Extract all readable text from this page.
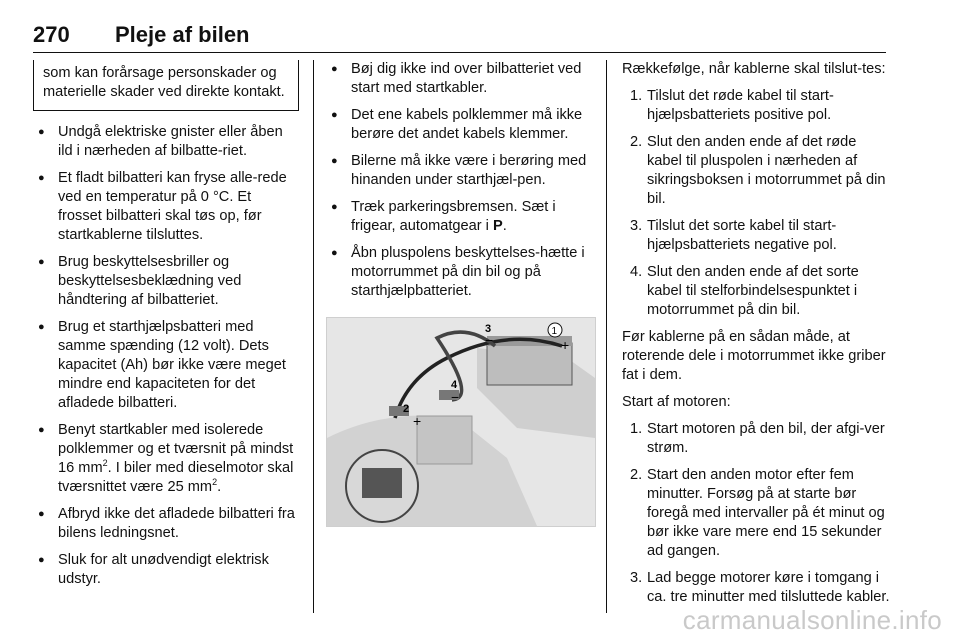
270 Pleje af bilen
som kan forårsage personskader og materielle skader ved direkte kontakt.
● Undgå elektriske gnister eller åben ild i nærheden af bilbatte-riet.
● Et fladt bilbatteri kan fryse alle-rede ved en temperatur på 0 °C. Et frosset bilbatteri skal tøs op, før startkablerne tilsluttes.
● Brug beskyttelsesbriller og beskyttelsesbeklædning ved håndtering af bilbatteriet.
● Brug et starthjælpsbatteri med samme spænding (12 volt). Dets kapacitet (Ah) bør ikke være meget mindre end kapaciteten for det afladede bilbatteri.
● Benyt startkabler med isolerede polklemmer og et tværsnit på mindst 16 $mm^2$. I biler med dieselmotor skal tværsnittet være 25 $mm^2$.
● Afbryd ikke det afladede bilbatteri fra bilens ledningsnet.
● Sluk for alt unødvendigt elektrisk udstyr.
● Bøj dig ikke ind over bilbatteriet ved start med startkabler.
● Det ene kabels polklemmer må ikke berøre det andet kabels klemmer.
● Bilerne må ikke være i berøring med hinanden under starthjæl-pen.
● Træk parkeringsbremsen. Sæt i frigear, automatgear i P.
● Åbn pluspolens beskyttelses-hætte i motorrummet på din bil og på starthjælpbatteriet.
1
+
3
−
2
+
4
−

Rækkefølge, når kablerne skal tilslut-tes:

1. Tilslut det røde kabel til start-hjælpsbatteriets positive pol.
2. Slut den anden ende af det røde kabel til pluspolen i nærheden af sikringsboksen i motorrummet på din bil.
3. Tilslut det sorte kabel til start-hjælpsbatteriets negative pol.
4. Slut den anden ende af det sorte kabel til stelforbindelsespunktet i motorrummet på din bil.

Før kablerne på en sådan måde, at roterende dele i motorrummet ikke griber fat i dem.

Start af motoren:

1. Start motoren på den bil, der afgi-ver strøm.
2. Start den anden motor efter fem minutter. Forsøg på at starte bør foregå med intervaller på ét minut og bør ikke vare mere end 15 sekunder ad gangen.
3. Lad begge motorer køre i tomgang i ca. tre minutter med tilsluttede kabler.
carmanualsonline.info
